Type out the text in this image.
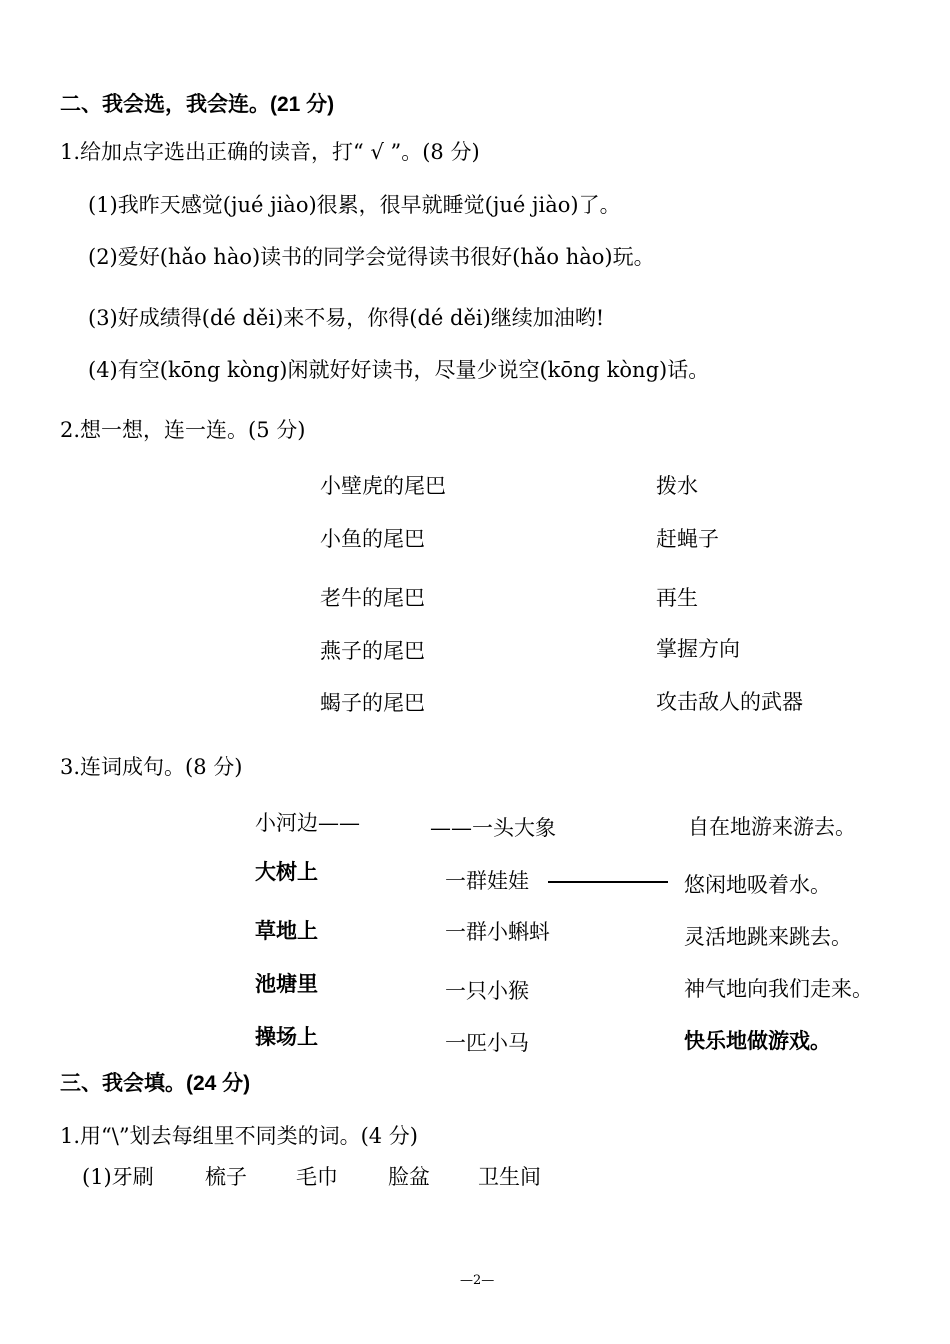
二、我会选，我会连。(21 分)
1.给加点字选出正确的读音，打“ √ ”。(8 分)
(1)我昨天感觉(jué jiào)很累，很早就睡觉(jué jiào)了。
(2)爱好(hǎo hào)读书的同学会觉得读书很好(hǎo hào)玩。
(3)好成绩得(dé děi)来不易，你得(dé děi)继续加油哟!
(4)有空(kōng kòng)闲就好好读书，尽量少说空(kōng kòng)话。
2.想一想，连一连。(5 分)
小壁虎的尾巴
小鱼的尾巴
老牛的尾巴
燕子的尾巴
蝎子的尾巴
拨水
赶蝇子
再生
掌握方向
攻击敌人的武器
3.连词成句。(8 分)
小河边——
大树上
草地上
池塘里
操场上
——一头大象
一群娃娃
一群小蝌蚪
一只小猴
一匹小马
自在地游来游去。
悠闲地吸着水。
灵活地跳来跳去。
神气地向我们走来。
快乐地做游戏。
三、我会填。(24 分)
1.用“\”划去每组里不同类的词。(4 分)
(1)牙刷 梳子 毛巾 脸盆 卫生间
—2—
